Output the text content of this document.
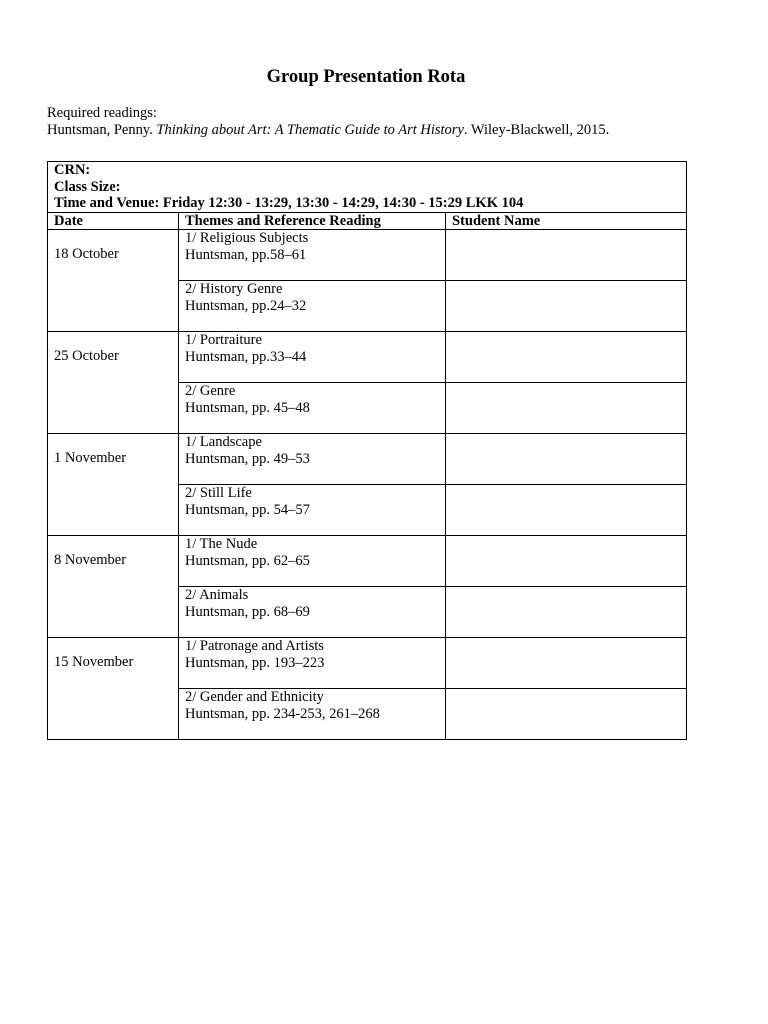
Group Presentation Rota
Required readings:
Huntsman, Penny. Thinking about Art: A Thematic Guide to Art History. Wiley-Blackwell, 2015.
CRN:
Class Size:
Time and Venue: Friday 12:30 - 13:29, 13:30 - 14:29, 14:30 - 15:29 LKK 104		

Date	Themes and Reference Reading	Student Name

18 October	1/ Religious Subjects
Huntsman, pp.58–61	

	2/ History Genre
Huntsman, pp.24–32	

25 October	1/ Portraiture
Huntsman, pp.33–44	

	2/ Genre
Huntsman, pp. 45–48	

1 November	1/ Landscape
Huntsman, pp. 49–53	

	2/ Still Life
Huntsman, pp. 54–57	

8 November	1/ The Nude
Huntsman, pp. 62–65	

	2/ Animals
Huntsman, pp. 68–69	

15 November	1/ Patronage and Artists
Huntsman, pp. 193–223	

	2/ Gender and Ethnicity
Huntsman, pp. 234-253, 261–268	
